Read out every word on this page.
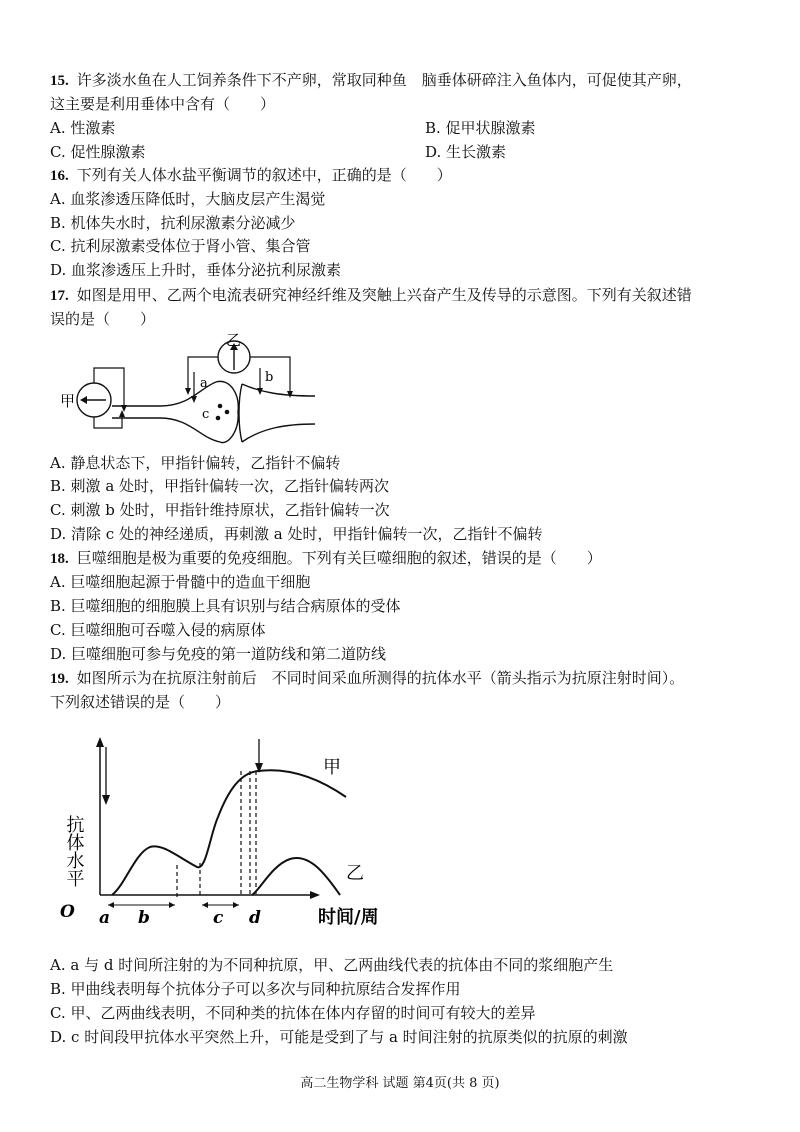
15. 许多淡水鱼在人工饲养条件下不产卵，常取同种鱼　脑垂体研碎注入鱼体内，可促使其产卵，
这主要是利用垂体中含有（　　）
A. 性激素	B. 促甲状腺激素
C. 促性腺激素	D. 生长激素
16. 下列有关人体水盐平衡调节的叙述中，正确的是（　　）
A. 血浆渗透压降低时，大脑皮层产生渴觉
B. 机体失水时，抗利尿激素分泌减少
C. 抗利尿激素受体位于肾小管、集合管
D. 血浆渗透压上升时，垂体分泌抗利尿激素
17. 如图是用甲、乙两个电流表研究神经纤维及突触上兴奋产生及传导的示意图。下列有关叙述错
误的是（　　）
甲
c
乙
a	b
A. 静息状态下，甲指针偏转，乙指针不偏转
B. 刺激 a 处时，甲指针偏转一次，乙指针偏转两次
C. 刺激 b 处时，甲指针维持原状，乙指针偏转一次
D. 清除 c 处的神经递质，再刺激 a 处时，甲指针偏转一次，乙指针不偏转
18. 巨噬细胞是极为重要的免疫细胞。下列有关巨噬细胞的叙述，错误的是（　　）
A. 巨噬细胞起源于骨髓中的造血干细胞
B. 巨噬细胞的细胞膜上具有识别与结合病原体的受体
C. 巨噬细胞可吞噬入侵的病原体
D. 巨噬细胞可参与免疫的第一道防线和第二道防线
19. 如图所示为在抗原注射前后　不同时间采血所测得的抗体水平（箭头指示为抗原注射时间）。
下列叙述错误的是（　　）
抗体水平
O	时间/周
甲
乙
a b	c d
A. a 与 d 时间所注射的为不同种抗原，甲、乙两曲线代表的抗体由不同的浆细胞产生
B. 甲曲线表明每个抗体分子可以多次与同种抗原结合发挥作用
C. 甲、乙两曲线表明，不同种类的抗体在体内存留的时间可有较大的差异
D. c 时间段甲抗体水平突然上升，可能是受到了与 a 时间注射的抗原类似的抗原的刺激
高二生物学科 试题 第4页(共 8 页)
